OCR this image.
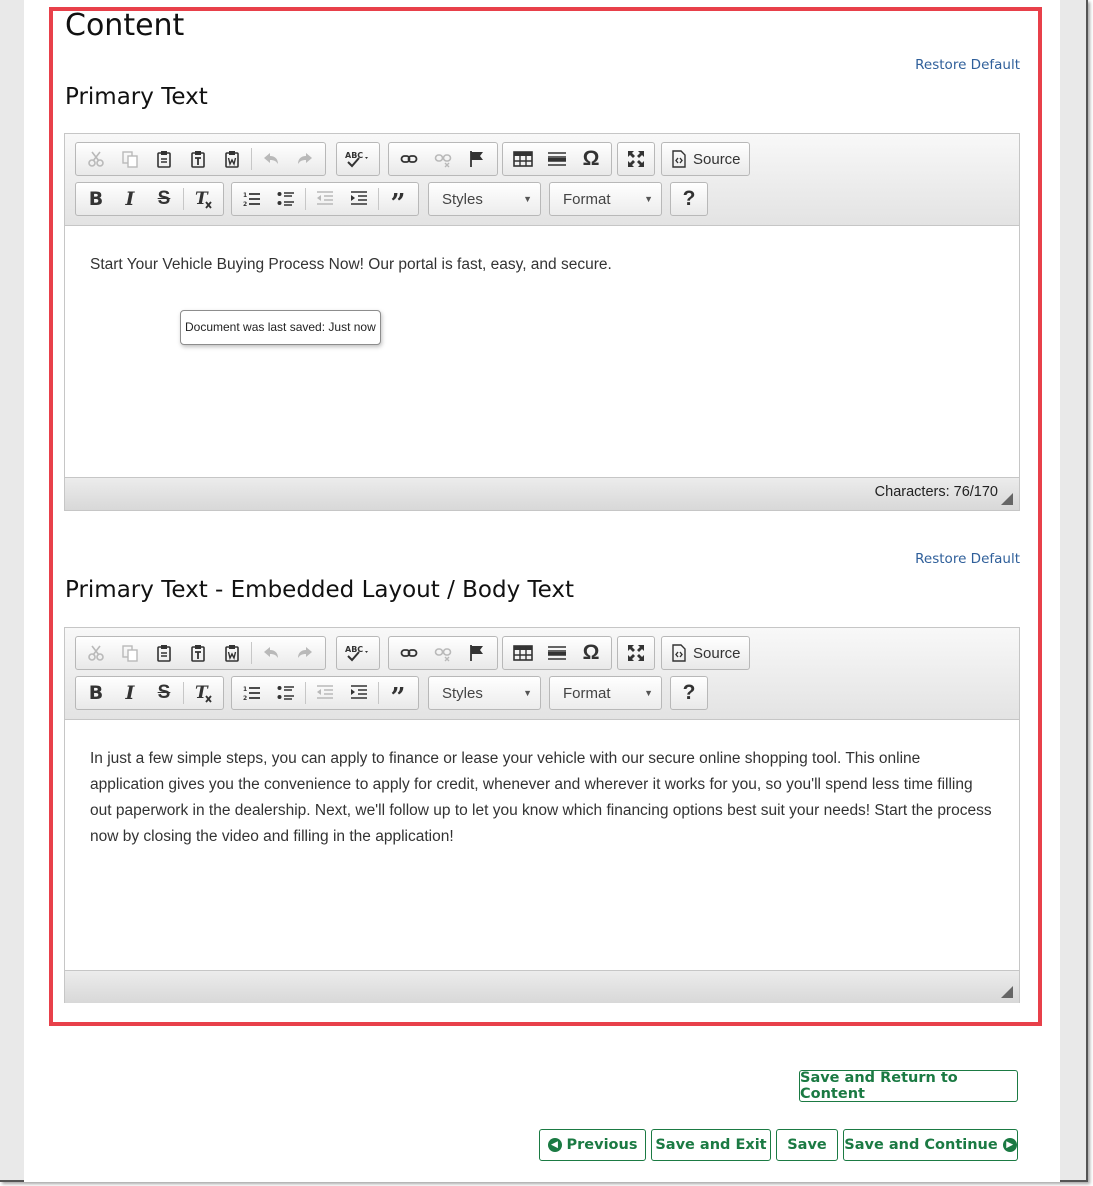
Content
Restore Default
Primary Text
ABC	Ω	Source
B	I	S	T	1
2	”	Styles	▼ Format	▼	?
Start Your Vehicle Buying Process Now! Our portal is fast, easy, and secure.
Document was last saved: Just now
Characters: 76/170
Restore Default
Primary Text - Embedded Layout / Body Text
ABC	Ω	Source
B	I	S	T	1
2	”	Styles	▼ Format	▼	?
In just a few simple steps, you can apply to finance or lease your vehicle with our secure online shopping tool. This online application gives you the convenience to apply for credit, whenever and wherever it works for you, so you'll spend less time filling out paperwork in the dealership. Next, we'll follow up to let you know which financing options best suit your needs! Start the process now by closing the video and filling in the application!
Save and Return to Content
◀ Previous Save and Exit Save Save and Continue ▶
